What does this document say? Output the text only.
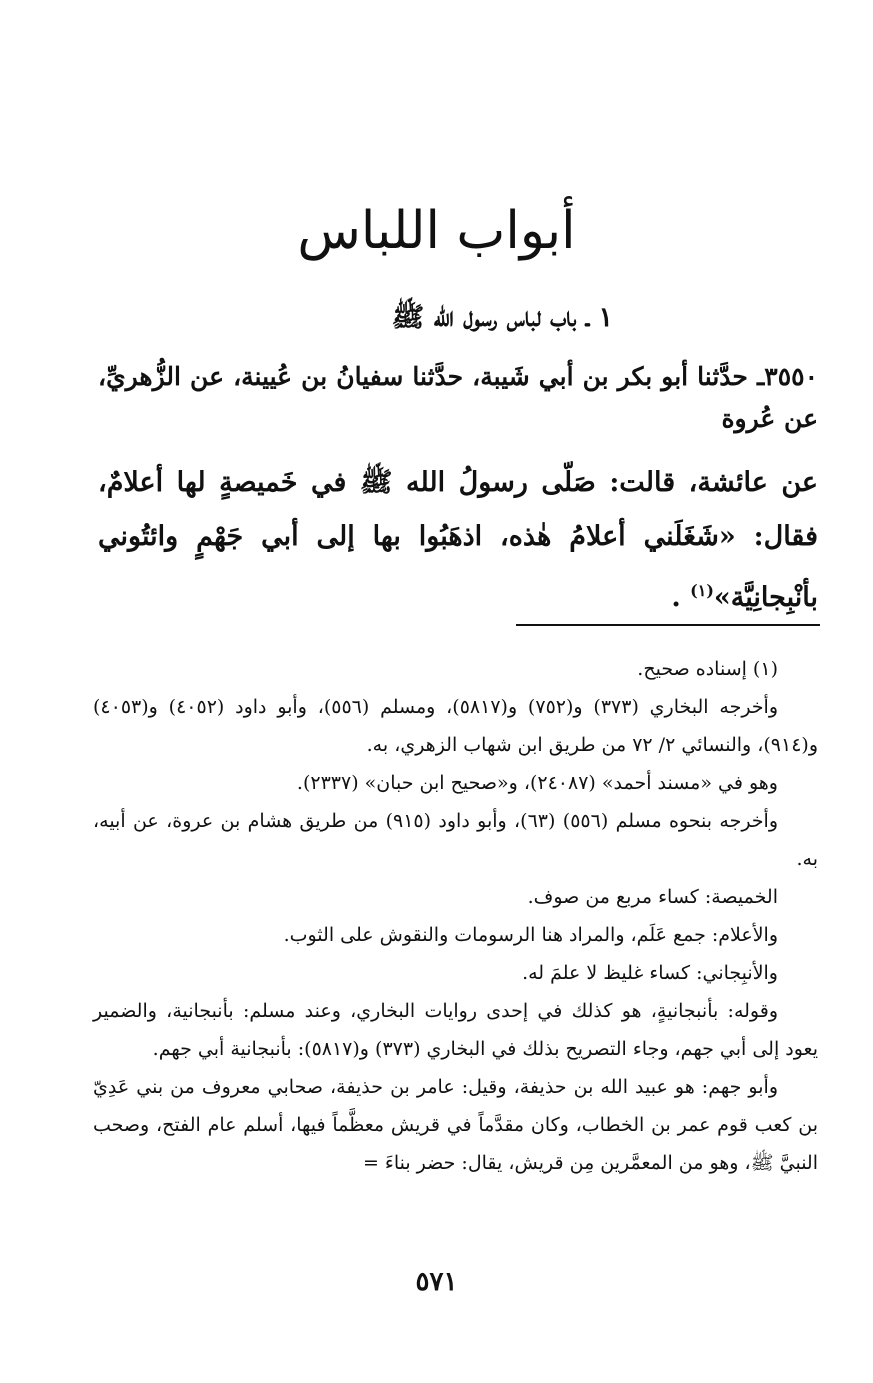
أبواب اللباس
١ ـ باب لباس رسول الله ﷺ
٣٥٥٠ـ حدَّثنا أبو بكر بن أبي شَيبة، حدَّثنا سفيانُ بن عُيينة، عن الزُّهريِّ، عن عُروة
عن عائشة، قالت: صَلّى رسولُ الله ﷺ في خَميصةٍ لها أعلامٌ، فقال: «شَغَلَني أعلامُ هٰذه، اذهَبُوا بها إلى أبي جَهْمٍ وائتُوني بأنْبِجانِيَّة»$^{(١)}$ .

(١) إسناده صحيح.

وأخرجه البخاري (٣٧٣) و(٧٥٢) و(٥٨١٧)، ومسلم (٥٥٦)، وأبو داود (٤٠٥٢) و(٤٠٥٣) و(٩١٤)، والنسائي ٢/ ٧٢ من طريق ابن شهاب الزهري، به.

وهو في «مسند أحمد» (٢٤٠٨٧)، و«صحيح ابن حبان» (٢٣٣٧).

وأخرجه بنحوه مسلم (٥٥٦) (٦٣)، وأبو داود (٩١٥) من طريق هشام بن عروة، عن أبيه، به.

الخميصة: كساء مربع من صوف.

والأعلام: جمع عَلَم، والمراد هنا الرسومات والنقوش على الثوب.

والأنبِجاني: كساء غليظ لا علمَ له.

وقوله: بأنبجانيةٍ، هو كذلك في إحدى روايات البخاري، وعند مسلم: بأنبجانية، والضمير يعود إلى أبي جهم، وجاء التصريح بذلك في البخاري (٣٧٣) و(٥٨١٧): بأنبجانية أبي جهم.

وأبو جهم: هو عبيد الله بن حذيفة، وقيل: عامر بن حذيفة، صحابي معروف من بني عَدِيّ بن كعب قوم عمر بن الخطاب، وكان مقدَّماً في قريش معظَّماً فيها، أسلم عام الفتح، وصحب النبيَّ ﷺ، وهو من المعمَّرين مِن قريش، يقال: حضر بناءَ =

٥٧١
